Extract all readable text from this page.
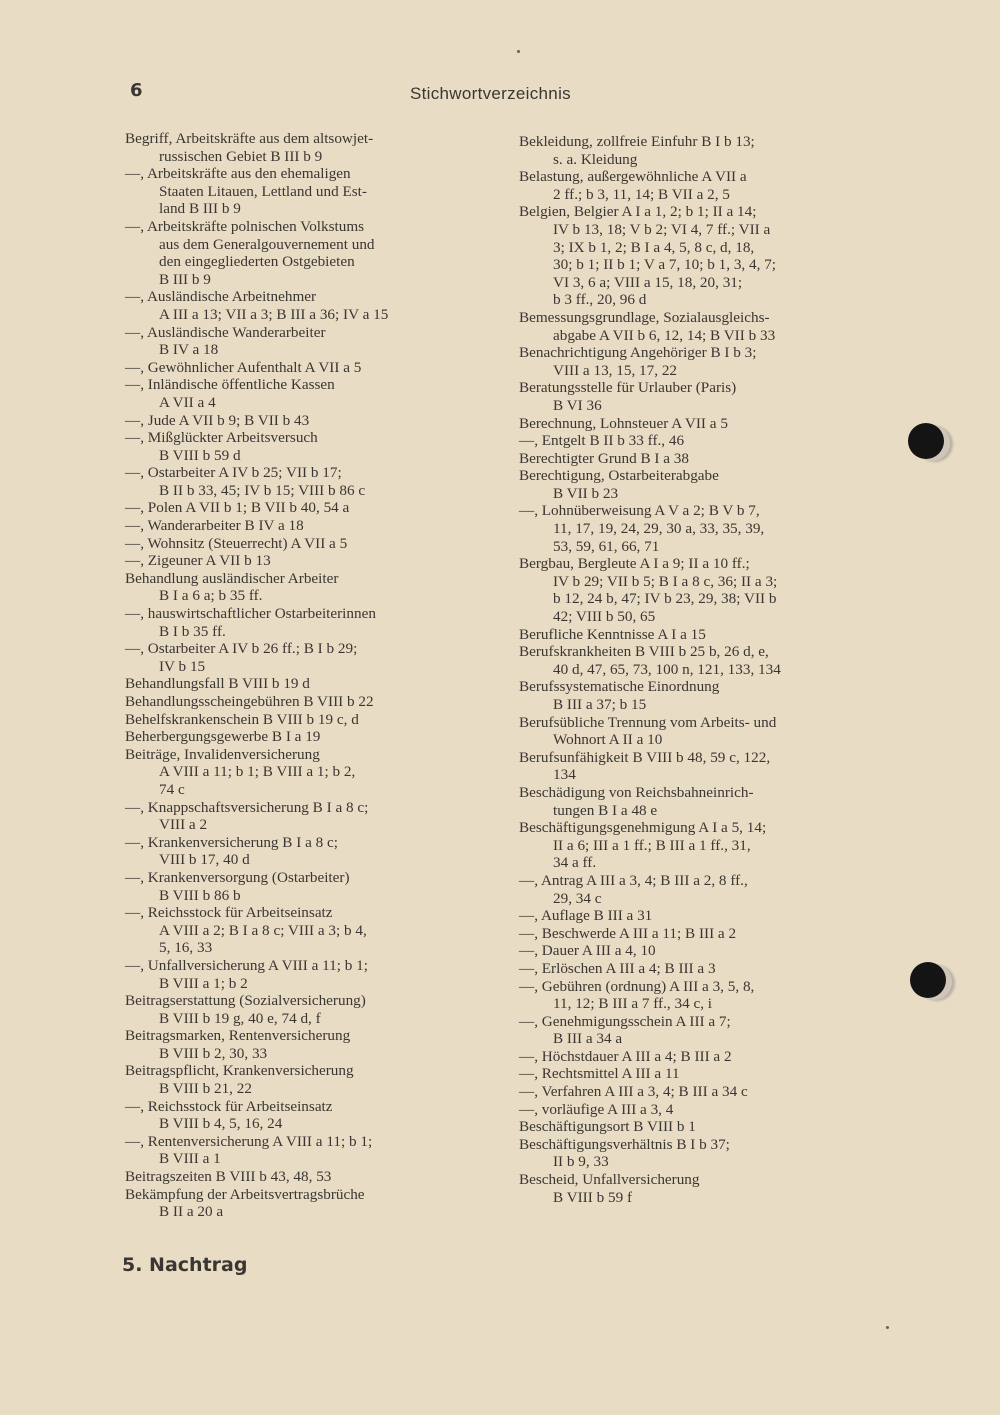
6	Stichwortverzeichnis
Begriff, Arbeitskräfte aus dem altsowjet-
russischen Gebiet B III b 9
—, Arbeitskräfte aus den ehemaligen
Staaten Litauen, Lettland und Est-
land B III b 9
—, Arbeitskräfte polnischen Volkstums
aus dem Generalgouvernement und
den eingegliederten Ostgebieten
B III b 9
—, Ausländische Arbeitnehmer
A III a 13; VII a 3; B III a 36; IV a 15
—, Ausländische Wanderarbeiter
B IV a 18
—, Gewöhnlicher Aufenthalt A VII a 5
—, Inländische öffentliche Kassen
A VII a 4
—, Jude A VII b 9; B VII b 43
—, Mißglückter Arbeitsversuch
B VIII b 59 d
—, Ostarbeiter A IV b 25; VII b 17;
B II b 33, 45; IV b 15; VIII b 86 c
—, Polen A VII b 1; B VII b 40, 54 a
—, Wanderarbeiter B IV a 18
—, Wohnsitz (Steuerrecht) A VII a 5
—, Zigeuner A VII b 13
Behandlung ausländischer Arbeiter
B I a 6 a; b 35 ff.
—, hauswirtschaftlicher Ostarbeiterinnen
B I b 35 ff.
—, Ostarbeiter A IV b 26 ff.; B I b 29;
IV b 15
Behandlungsfall B VIII b 19 d
Behandlungsscheingebühren B VIII b 22
Behelfskrankenschein B VIII b 19 c, d
Beherbergungsgewerbe B I a 19
Beiträge, Invalidenversicherung
A VIII a 11; b 1; B VIII a 1; b 2,
74 c
—, Knappschaftsversicherung B I a 8 c;
VIII a 2
—, Krankenversicherung B I a 8 c;
VIII b 17, 40 d
—, Krankenversorgung (Ostarbeiter)
B VIII b 86 b
—, Reichsstock für Arbeitseinsatz
A VIII a 2; B I a 8 c; VIII a 3; b 4,
5, 16, 33
—, Unfallversicherung A VIII a 11; b 1;
B VIII a 1; b 2
Beitragserstattung (Sozialversicherung)
B VIII b 19 g, 40 e, 74 d, f
Beitragsmarken, Rentenversicherung
B VIII b 2, 30, 33
Beitragspflicht, Krankenversicherung
B VIII b 21, 22
—, Reichsstock für Arbeitseinsatz
B VIII b 4, 5, 16, 24
—, Rentenversicherung A VIII a 11; b 1;
B VIII a 1
Beitragszeiten B VIII b 43, 48, 53
Bekämpfung der Arbeitsvertragsbrüche
B II a 20 a
Bekleidung, zollfreie Einfuhr B I b 13;
s. a. Kleidung
Belastung, außergewöhnliche A VII a
2 ff.; b 3, 11, 14; B VII a 2, 5
Belgien, Belgier A I a 1, 2; b 1; II a 14;
IV b 13, 18; V b 2; VI 4, 7 ff.; VII a
3; IX b 1, 2; B I a 4, 5, 8 c, d, 18,
30; b 1; II b 1; V a 7, 10; b 1, 3, 4, 7;
VI 3, 6 a; VIII a 15, 18, 20, 31;
b 3 ff., 20, 96 d
Bemessungsgrundlage, Sozialausgleichs-
abgabe A VII b 6, 12, 14; B VII b 33
Benachrichtigung Angehöriger B I b 3;
VIII a 13, 15, 17, 22
Beratungsstelle für Urlauber (Paris)
B VI 36
Berechnung, Lohnsteuer A VII a 5
—, Entgelt B II b 33 ff., 46
Berechtigter Grund B I a 38
Berechtigung, Ostarbeiterabgabe
B VII b 23
—, Lohnüberweisung A V a 2; B V b 7,
11, 17, 19, 24, 29, 30 a, 33, 35, 39,
53, 59, 61, 66, 71
Bergbau, Bergleute A I a 9; II a 10 ff.;
IV b 29; VII b 5; B I a 8 c, 36; II a 3;
b 12, 24 b, 47; IV b 23, 29, 38; VII b
42; VIII b 50, 65
Berufliche Kenntnisse A I a 15
Berufskrankheiten B VIII b 25 b, 26 d, e,
40 d, 47, 65, 73, 100 n, 121, 133, 134
Berufssystematische Einordnung
B III a 37; b 15
Berufsübliche Trennung vom Arbeits- und
Wohnort A II a 10
Berufsunfähigkeit B VIII b 48, 59 c, 122,
134
Beschädigung von Reichsbahneinrich-
tungen B I a 48 e
Beschäftigungsgenehmigung A I a 5, 14;
II a 6; III a 1 ff.; B III a 1 ff., 31,
34 a ff.
—, Antrag A III a 3, 4; B III a 2, 8 ff.,
29, 34 c
—, Auflage B III a 31
—, Beschwerde A III a 11; B III a 2
—, Dauer A III a 4, 10
—, Erlöschen A III a 4; B III a 3
—, Gebühren (ordnung) A III a 3, 5, 8,
11, 12; B III a 7 ff., 34 c, i
—, Genehmigungsschein A III a 7;
B III a 34 a
—, Höchstdauer A III a 4; B III a 2
—, Rechtsmittel A III a 11
—, Verfahren A III a 3, 4; B III a 34 c
—, vorläufige A III a 3, 4
Beschäftigungsort B VIII b 1
Beschäftigungsverhältnis B I b 37;
II b 9, 33
Bescheid, Unfallversicherung
B VIII b 59 f
5. Nachtrag
